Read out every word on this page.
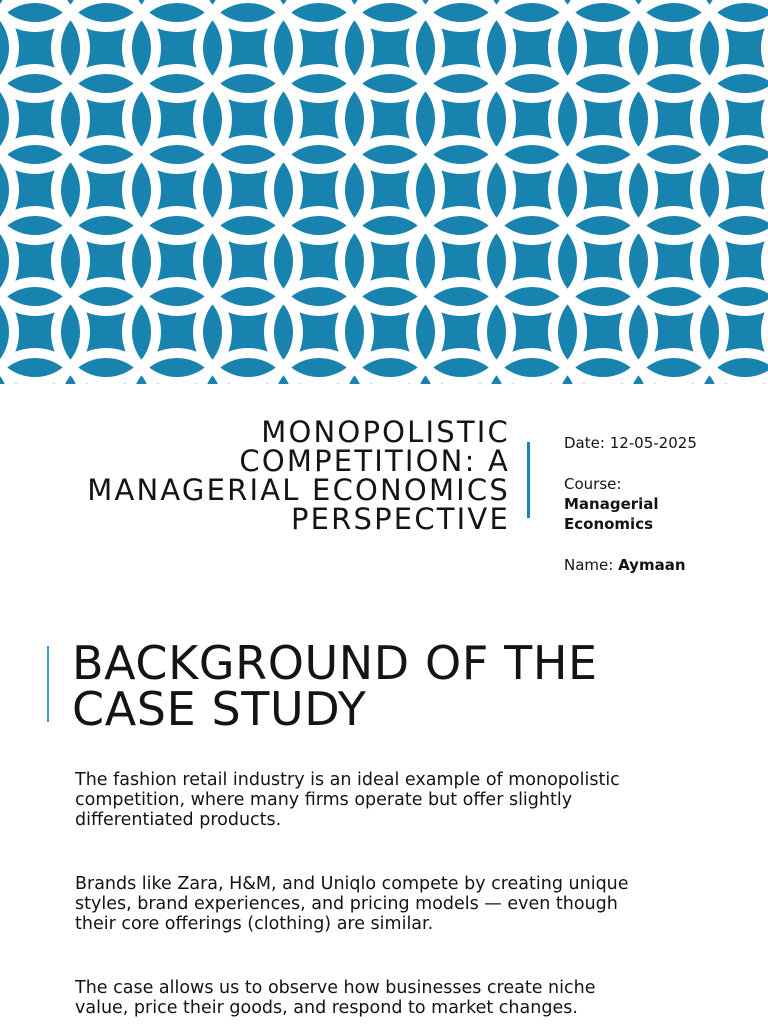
MONOPOLISTIC
COMPETITION: A
MANAGERIAL ECONOMICS
PERSPECTIVE

Date: 12-05-2025

Course:

Managerial
Economics

Name: Aymaan

BACKGROUND OF THE
CASE STUDY

The fashion retail industry is an ideal example of monopolistic
competition, where many firms operate but offer slightly
differentiated products.

Brands like Zara, H&M, and Uniqlo compete by creating unique
styles, brand experiences, and pricing models — even though
their core offerings (clothing) are similar.

The case allows us to observe how businesses create niche
value, price their goods, and respond to market changes.
